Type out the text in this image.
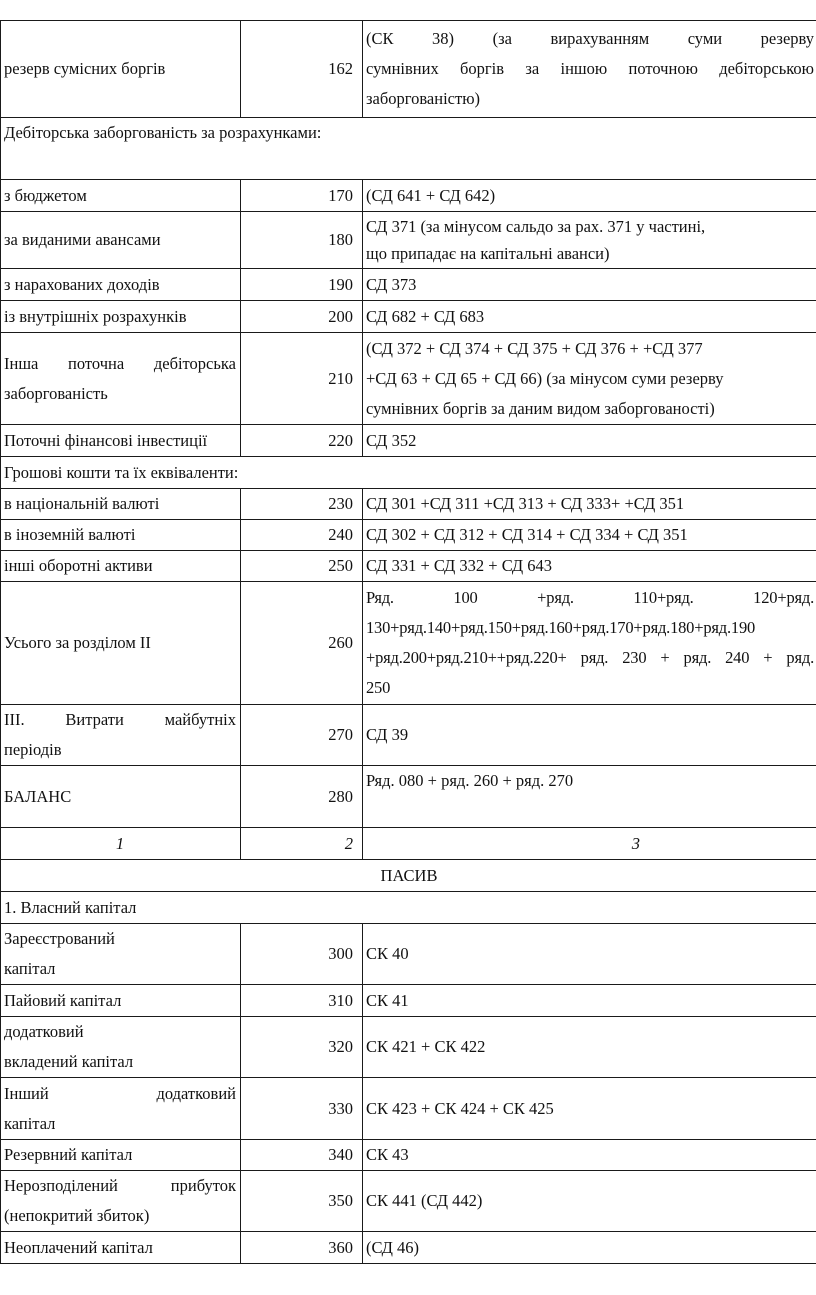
резерв сумісних боргів	162	(СК 38) (за вирахуванням суми резерву
сумнівних боргів за іншою поточною дебіторською
заборгованістю)

Дебіторська заборгованість за розрахунками:		
з бюджетом	170	(СД 641 + СД 642)
за виданими авансами	180	СД 371 (за мінусом сальдо за рах. 371 у частині,
що припадає на капітальні аванси)

з нарахованих доходів	190	СД 373
із внутрішніх розрахунків	200	СД 682 + СД 683

Інша поточна дебіторська
заборгованість	210	(СД 372 + СД 374 + СД 375 + СД 376 + +СД 377
+СД 63 + СД 65 + СД 66) (за мінусом суми резерву
сумнівних боргів за даним видом заборгованості)

Поточні фінансові інвестиції	220	СД 352
Грошові кошти та їх еквіваленти:		
в національній валюті	230	СД 301 +СД 311 +СД 313 + СД 333+ +СД 351
в іноземній валюті	240	СД 302 + СД 312 + СД 314 + СД 334 + СД 351
інші оборотні активи	250	СД 331 + СД 332 + СД 643
Усього за розділом II	260	Ряд. 100 +ряд. 110+ряд. 120+ряд.
130+ряд.140+ряд.150+ряд.160+ряд.170+ряд.180+ряд.190
+ряд.200+ряд.210++ряд.220+ ряд. 230 + ряд. 240 + ряд.
250

III. Витрати майбутніх
періодів	270	СД 39
БАЛАНС	280	Ряд. 080 + ряд. 260 + ряд. 270
1	2	3
ПАСИВ		
1. Власний капітал		

Зареєстрований
капітал	300	СК 40
Пайовий капітал	310	СК 41

додатковий
вкладений капітал	320	СК 421 + СК 422

Інший додатковий
капітал	330	СК 423 + СК 424 + СК 425
Резервний капітал	340	СК 43

Нерозподілений прибуток
(непокритий збиток)	350	СК 441 (СД 442)
Неоплачений капітал	360	(СД 46)
